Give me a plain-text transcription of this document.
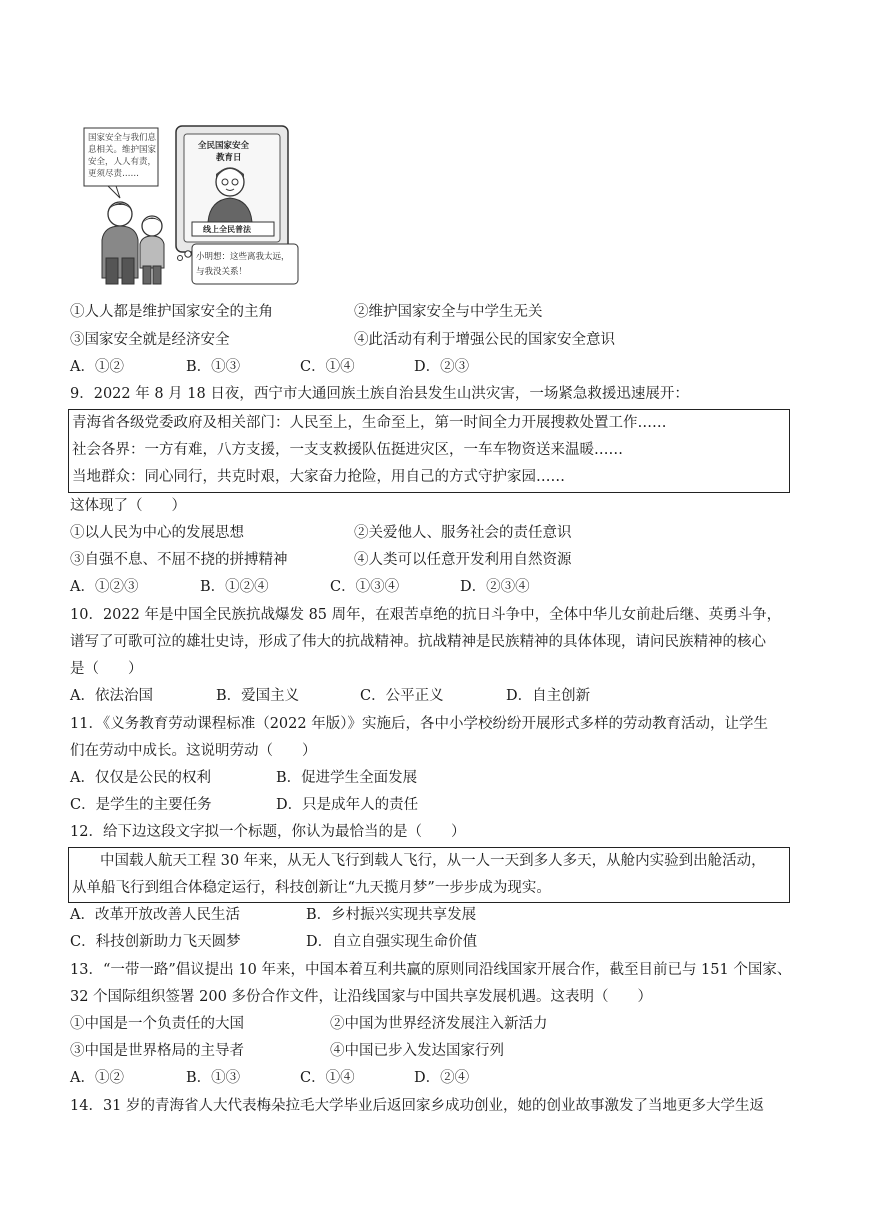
国家安全与我们息
息相关。维护国家
安全，人人有责，
更须尽责……
全民国家安全
教育日
线上全民普法
小明想：这些离我太远，
与我没关系！
①人人都是维护国家安全的主角	②维护国家安全与中学生无关
③国家安全就是经济安全	④此活动有利于增强公民的国家安全意识
A．①②	B．①③	C．①④	D．②③
9．2022 年 8 月 18 日夜，西宁市大通回族土族自治县发生山洪灾害，一场紧急救援迅速展开：
青海省各级党委政府及相关部门：人民至上，生命至上，第一时间全力开展搜救处置工作……
社会各界：一方有难，八方支援，一支支救援队伍挺进灾区，一车车物资送来温暖……
当地群众：同心同行，共克时艰，大家奋力抢险，用自己的方式守护家园……
这体现了（　　）
①以人民为中心的发展思想	②关爱他人、服务社会的责任意识
③自强不息、不屈不挠的拼搏精神	④人类可以任意开发利用自然资源
A．①②③	B．①②④	C．①③④	D．②③④
10．2022 年是中国全民族抗战爆发 85 周年，在艰苦卓绝的抗日斗争中，全体中华儿女前赴后继、英勇斗争，
谱写了可歌可泣的雄壮史诗，形成了伟大的抗战精神。抗战精神是民族精神的具体体现，请问民族精神的核心
是（　　）
A．依法治国	B．爱国主义	C．公平正义	D．自主创新
11．《义务教育劳动课程标准（2022 年版）》实施后，各中小学校纷纷开展形式多样的劳动教育活动，让学生
们在劳动中成长。这说明劳动（　　）
A．仅仅是公民的权利	B．促进学生全面发展
C．是学生的主要任务	D．只是成年人的责任
12．给下边这段文字拟一个标题，你认为最恰当的是（　　）
中国载人航天工程 30 年来，从无人飞行到载人飞行，从一人一天到多人多天，从舱内实验到出舱活动，
从单船飞行到组合体稳定运行，科技创新让“九天揽月梦”一步步成为现实。
A．改革开放改善人民生活	B．乡村振兴实现共享发展
C．科技创新助力飞天圆梦	D．自立自强实现生命价值
13．“一带一路”倡议提出 10 年来，中国本着互利共赢的原则同沿线国家开展合作，截至目前已与 151 个国家、
32 个国际组织签署 200 多份合作文件，让沿线国家与中国共享发展机遇。这表明（　　）
①中国是一个负责任的大国	②中国为世界经济发展注入新活力
③中国是世界格局的主导者	④中国已步入发达国家行列
A．①②	B．①③	C．①④	D．②④
14．31 岁的青海省人大代表梅朵拉毛大学毕业后返回家乡成功创业，她的创业故事激发了当地更多大学生返
